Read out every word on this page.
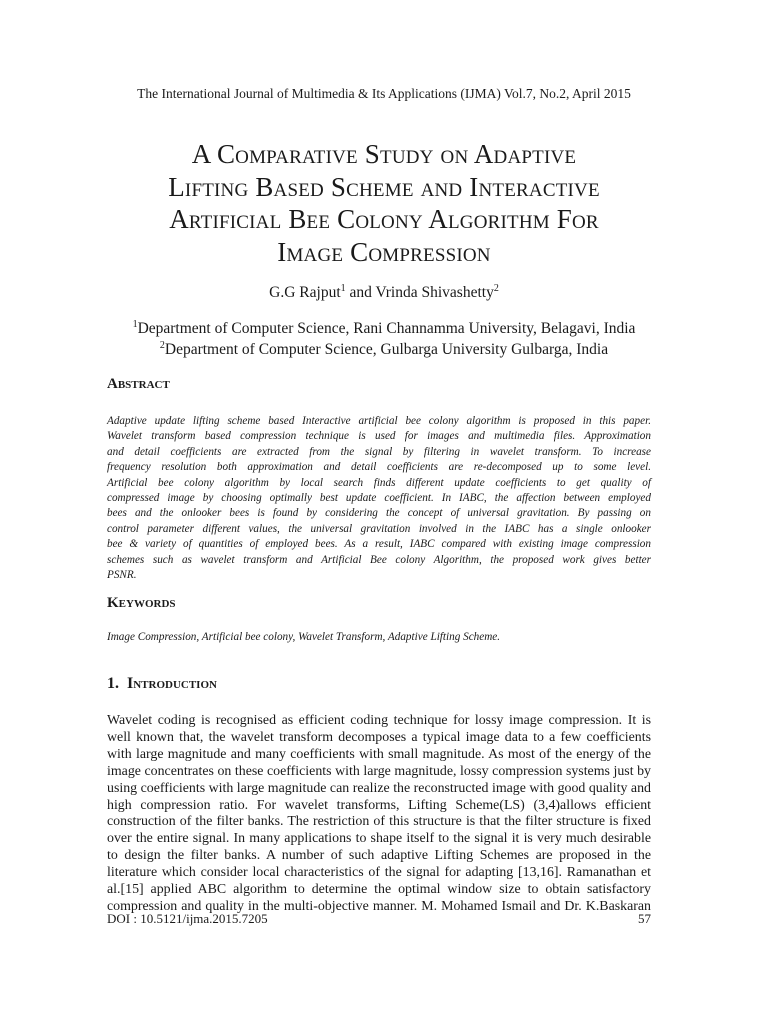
The International Journal of Multimedia & Its Applications (IJMA) Vol.7, No.2, April 2015
A Comparative Study on Adaptive
Lifting Based Scheme and Interactive
Artificial Bee Colony Algorithm For
Image Compression
G.G Rajput$^1$ and Vrinda Shivashetty$^2$
$^1$Department of Computer Science, Rani Channamma University, Belagavi, India
$^2$Department of Computer Science, Gulbarga University Gulbarga, India
Abstract
Adaptive update lifting scheme based Interactive artificial bee colony algorithm is proposed in this paper.
Wavelet transform based compression technique is used for images and multimedia files. Approximation
and detail coefficients are extracted from the signal by filtering in wavelet transform. To increase
frequency resolution both approximation and detail coefficients are re-decomposed up to some level.
Artificial bee colony algorithm by local search finds different update coefficients to get quality of
compressed image by choosing optimally best update coefficient. In IABC, the affection between employed
bees and the onlooker bees is found by considering the concept of universal gravitation. By passing on
control parameter different values, the universal gravitation involved in the IABC has a single onlooker
bee & variety of quantities of employed bees. As a result, IABC compared with existing image compression
schemes such as wavelet transform and Artificial Bee colony Algorithm, the proposed work gives better
PSNR.
Keywords
Image Compression, Artificial bee colony, Wavelet Transform, Adaptive Lifting Scheme.
1. Introduction
Wavelet coding is recognised as efficient coding technique for lossy image compression. It is
well known that, the wavelet transform decomposes a typical image data to a few coefficients
with large magnitude and many coefficients with small magnitude. As most of the energy of the
image concentrates on these coefficients with large magnitude, lossy compression systems just by
using coefficients with large magnitude can realize the reconstructed image with good quality and
high compression ratio. For wavelet transforms, Lifting Scheme(LS) (3,4)allows efficient
construction of the filter banks. The restriction of this structure is that the filter structure is fixed
over the entire signal. In many applications to shape itself to the signal it is very much desirable
to design the filter banks. A number of such adaptive Lifting Schemes are proposed in the
literature which consider local characteristics of the signal for adapting [13,16]. Ramanathan et
al.[15] applied ABC algorithm to determine the optimal window size to obtain satisfactory
compression and quality in the multi-objective manner. M. Mohamed Ismail and Dr. K.Baskaran
DOI : 10.5121/ijma.2015.7205	57
